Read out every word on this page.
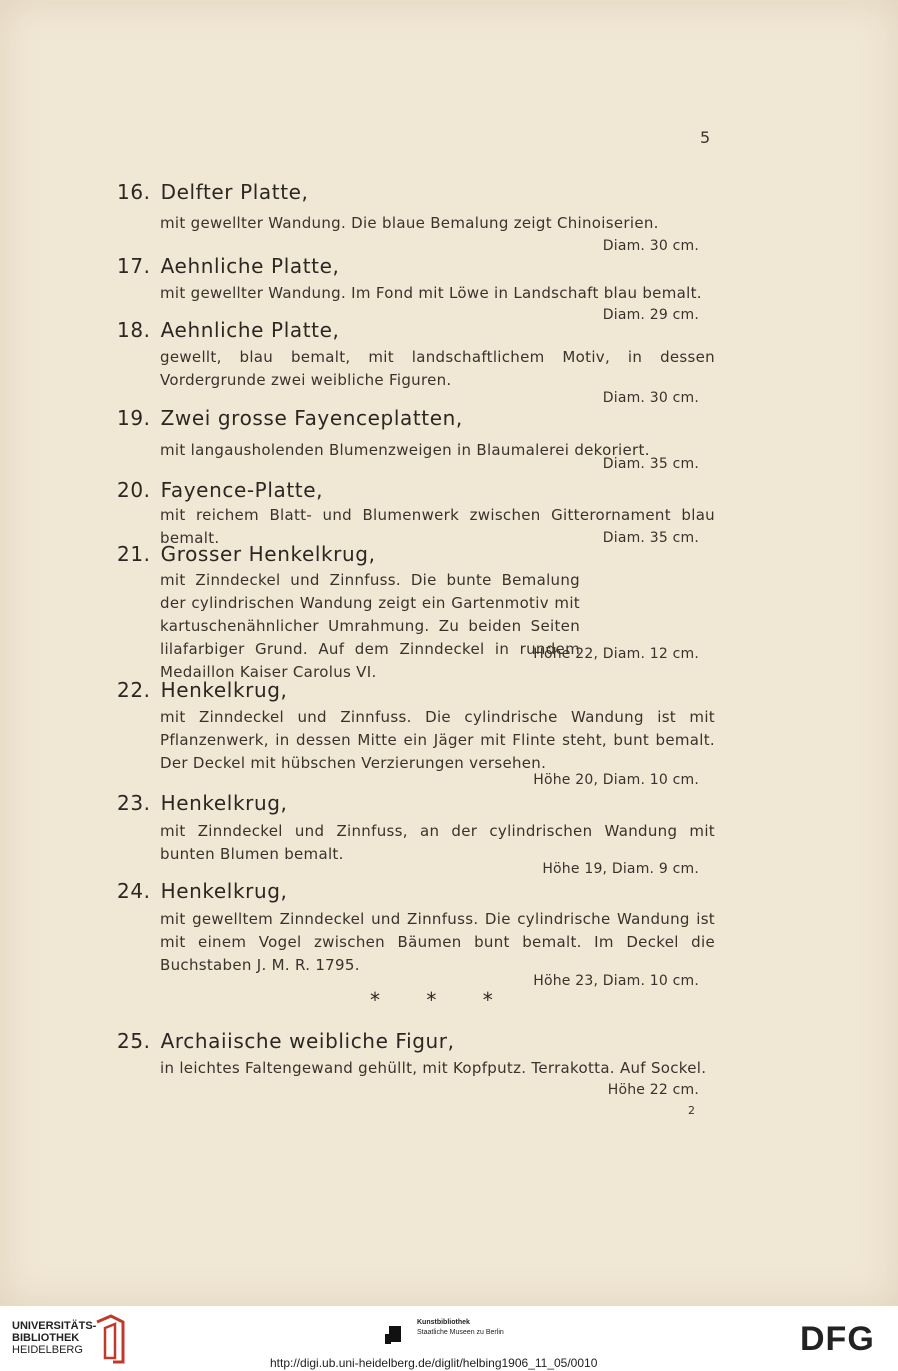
5
16. Delfter Platte,
mit gewellter Wandung. Die blaue Bemalung zeigt Chinoiserien.
Diam. 30 cm.
17. Aehnliche Platte,
mit gewellter Wandung. Im Fond mit Löwe in Landschaft blau bemalt.
Diam. 29 cm.
18. Aehnliche Platte,
gewellt, blau bemalt, mit landschaftlichem Motiv, in dessen Vordergrunde zwei weibliche Figuren.
Diam. 30 cm.
19. Zwei grosse Fayenceplatten,
mit langausholenden Blumenzweigen in Blaumalerei dekoriert.
Diam. 35 cm.
20. Fayence-Platte,
mit reichem Blatt- und Blumenwerk zwischen Gitterornament blau bemalt.	Diam. 35 cm.
21. Grosser Henkelkrug,
mit Zinndeckel und Zinnfuss. Die bunte Bemalung der cylindrischen Wandung zeigt ein Gartenmotiv mit kartuschenähnlicher Umrahmung. Zu beiden Seiten lilafarbiger Grund. Auf dem Zinndeckel in rundem Medaillon Kaiser Carolus VI.
Höhe 22, Diam. 12 cm.
22. Henkelkrug,
mit Zinndeckel und Zinnfuss. Die cylindrische Wandung ist mit Pflanzenwerk, in dessen Mitte ein Jäger mit Flinte steht, bunt bemalt. Der Deckel mit hübschen Verzierungen versehen.
Höhe 20, Diam. 10 cm.
23. Henkelkrug,
mit Zinndeckel und Zinnfuss, an der cylindrischen Wandung mit bunten Blumen bemalt.
Höhe 19, Diam. 9 cm.
24. Henkelkrug,
mit gewelltem Zinndeckel und Zinnfuss. Die cylindrische Wandung ist mit einem Vogel zwischen Bäumen bunt bemalt. Im Deckel die Buchstaben J. M. R. 1795.
Höhe 23, Diam. 10 cm.
* * *
25. Archaiische weibliche Figur,
in leichtes Faltengewand gehüllt, mit Kopfputz. Terrakotta. Auf Sockel.
Höhe 22 cm.
2
UNIVERSITÄTS-
BIBLIOTHEK
HEIDELBERG
Kunstbibliothek
Staatliche Museen zu Berlin
http://digi.ub.uni-heidelberg.de/diglit/helbing1906_11_05/0010
DFG
